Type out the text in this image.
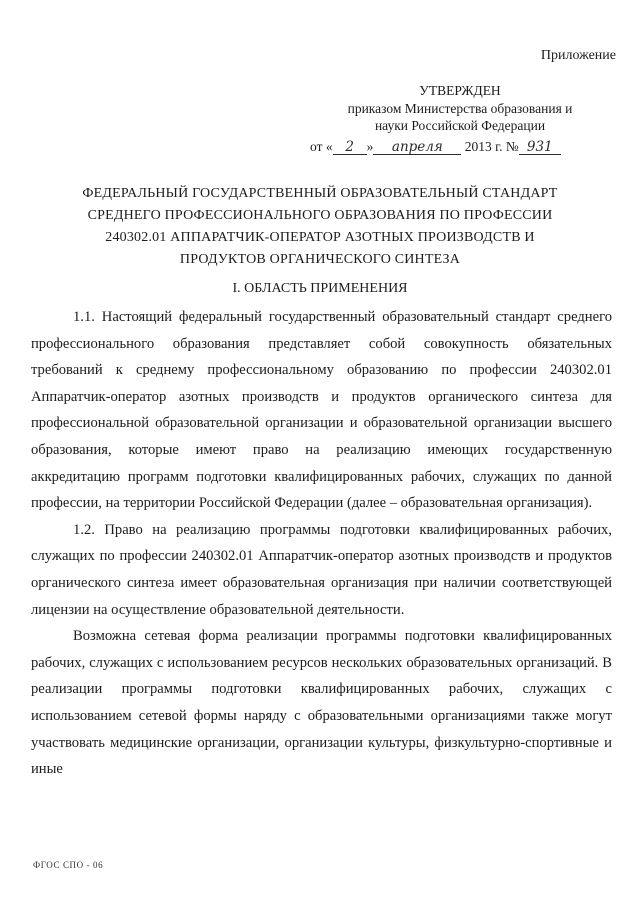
Приложение
УТВЕРЖДЕН
приказом Министерства образования и
науки Российской Федерации
от « 2 » апреля 2013 г. № 931
ФЕДЕРАЛЬНЫЙ ГОСУДАРСТВЕННЫЙ ОБРАЗОВАТЕЛЬНЫЙ СТАНДАРТ
СРЕДНЕГО ПРОФЕССИОНАЛЬНОГО ОБРАЗОВАНИЯ ПО ПРОФЕССИИ
240302.01 АППАРАТЧИК-ОПЕРАТОР АЗОТНЫХ ПРОИЗВОДСТВ И
ПРОДУКТОВ ОРГАНИЧЕСКОГО СИНТЕЗА
I. ОБЛАСТЬ ПРИМЕНЕНИЯ

1.1. Настоящий федеральный государственный образовательный стандарт среднего профессионального образования представляет собой совокупность обязательных требований к среднему профессиональному образованию по профессии 240302.01 Аппаратчик-оператор азотных производств и продуктов органического синтеза для профессиональной образовательной организации и образовательной организации высшего образования, которые имеют право на реализацию имеющих государственную аккредитацию программ подготовки квалифицированных рабочих, служащих по данной профессии, на территории Российской Федерации (далее – образовательная организация).

1.2. Право на реализацию программы подготовки квалифицированных рабочих, служащих по профессии 240302.01 Аппаратчик-оператор азотных производств и продуктов органического синтеза имеет образовательная организация при наличии соответствующей лицензии на осуществление образовательной деятельности.

Возможна сетевая форма реализации программы подготовки квалифицированных рабочих, служащих с использованием ресурсов нескольких образовательных организаций. В реализации программы подготовки квалифицированных рабочих, служащих с использованием сетевой формы наряду с образовательными организациями также могут участвовать медицинские организации, организации культуры, физкультурно-спортивные и иные

ФГОС СПО - 06
